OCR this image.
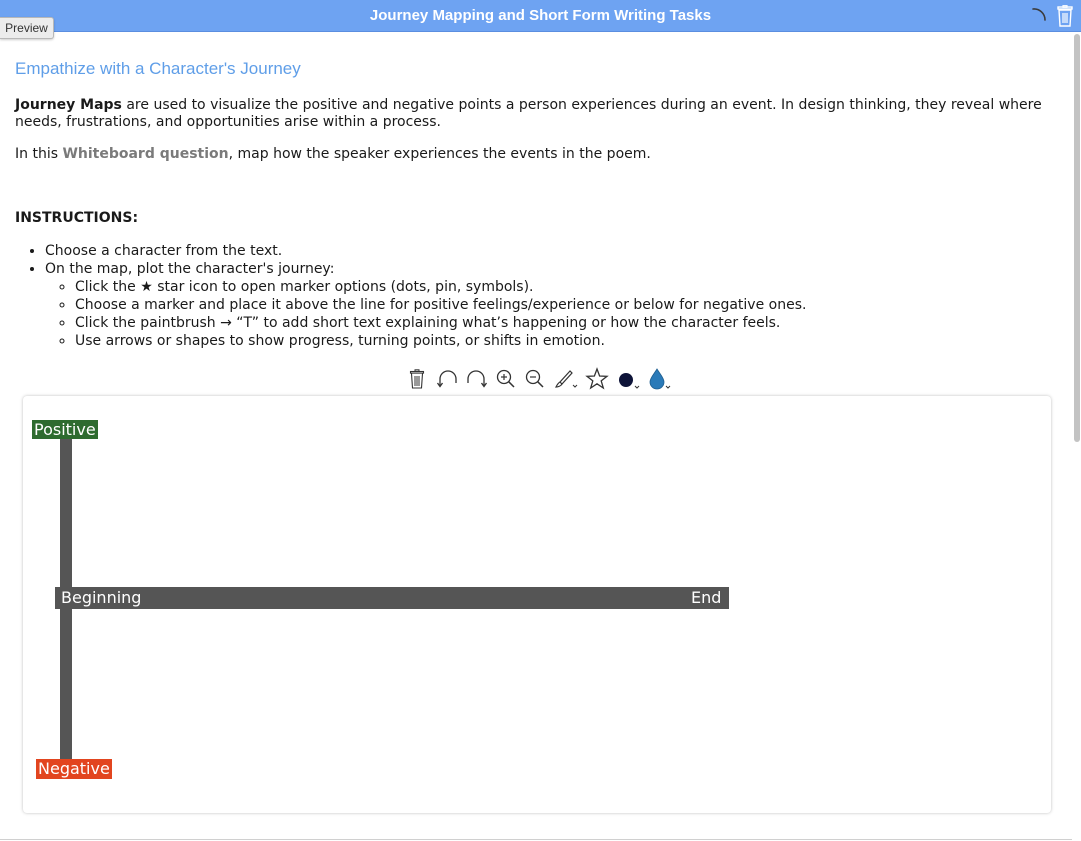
Journey Mapping and Short Form Writing Tasks
Preview
Empathize with a Character's Journey
Journey Maps are used to visualize the positive and negative points a person experiences during an event. In design thinking, they reveal where needs, frustrations, and opportunities arise within a process.
In this Whiteboard question, map how the speaker experiences the events in the poem.
INSTRUCTIONS:
• Choose a character from the text.
• On the map, plot the character's journey:
◦ Click the ★ star icon to open marker options (dots, pin, symbols).
◦ Choose a marker and place it above the line for positive feelings/experience or below for negative ones.
◦ Click the paintbrush → “T” to add short text explaining what’s happening or how the character feels.
◦ Use arrows or shapes to show progress, turning points, or shifts in emotion.
Positive
Negative
Beginning	End
